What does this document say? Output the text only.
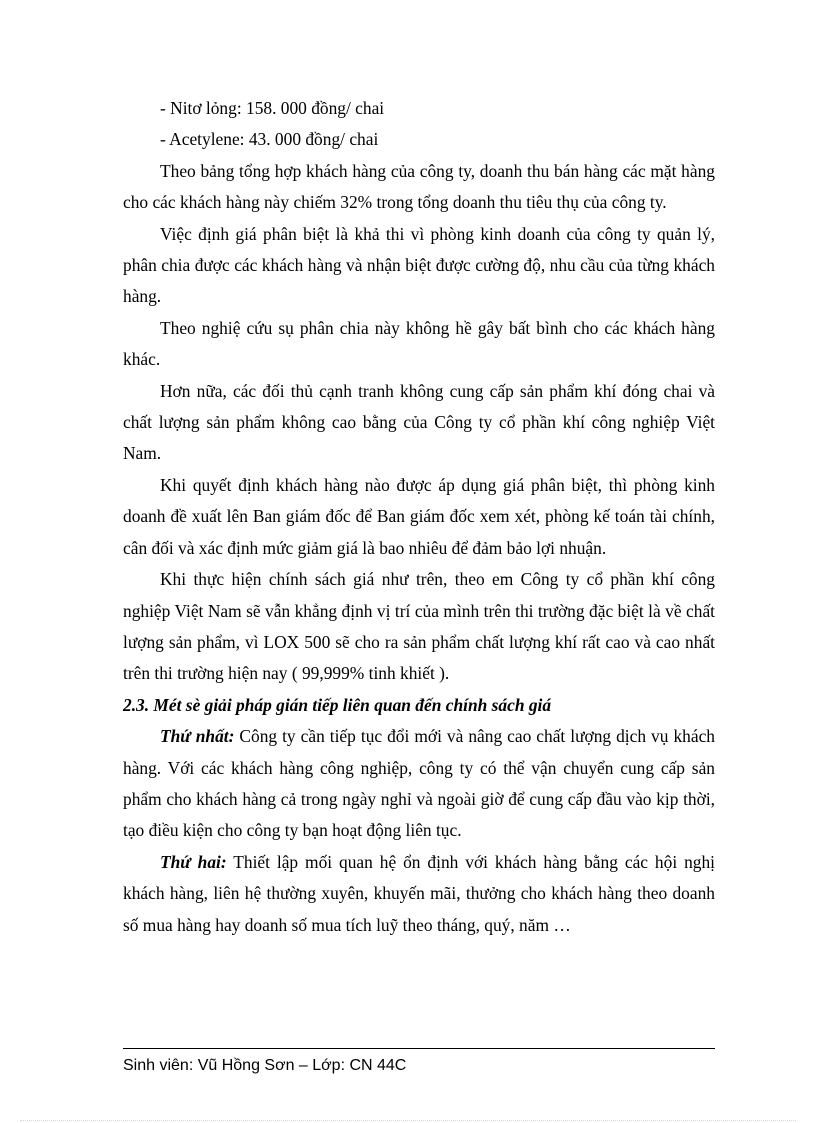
- Nitơ lỏng: 158. 000 đồng/ chai

- Acetylene: 43. 000 đồng/ chai

Theo bảng tổng hợp khách hàng của công ty, doanh thu bán hàng các mặt hàng cho các khách hàng này chiếm 32% trong tổng doanh thu tiêu thụ của công ty.

Việc định giá phân biệt là khả thi vì phòng kinh doanh của công ty quản lý, phân chia được các khách hàng và nhận biệt được cường độ, nhu cầu của từng khách hàng.

Theo nghiệ cứu sụ phân chia này không hề gây bất bình cho các khách hàng khác.

Hơn nữa, các đối thủ cạnh tranh không cung cấp sản phẩm khí đóng chai và chất lượng sản phẩm không cao bằng của Công ty cổ phần khí công nghiệp Việt Nam.

Khi quyết định khách hàng nào được áp dụng giá phân biệt, thì phòng kinh doanh đề xuất lên Ban giám đốc để Ban giám đốc xem xét, phòng kế toán tài chính, cân đối và xác định mức giảm giá là bao nhiêu để đảm bảo lợi nhuận.

Khi thực hiện chính sách giá như trên, theo em Công ty cổ phần khí công nghiệp Việt Nam sẽ vẫn khẳng định vị trí của mình trên thi trường đặc biệt là về chất lượng sản phẩm, vì LOX 500 sẽ cho ra sản phẩm chất lượng khí rất cao và cao nhất trên thi trường hiện nay ( 99,999% tinh khiết ).

2.3. Mét sè giải pháp gián tiếp liên quan đến chính sách giá

Thứ nhất: Công ty cần tiếp tục đổi mới và nâng cao chất lượng dịch vụ khách hàng. Với các khách hàng công nghiệp, công ty có thể vận chuyển cung cấp sản phẩm cho khách hàng cả trong ngày nghỉ và ngoài giờ để cung cấp đầu vào kịp thời, tạo điều kiện cho công ty bạn hoạt động liên tục.

Thứ hai: Thiết lập mối quan hệ ổn định với khách hàng bằng các hội nghị khách hàng, liên hệ thường xuyên, khuyến mãi, thưởng cho khách hàng theo doanh số mua hàng hay doanh số mua tích luỹ theo tháng, quý, năm …

Sinh viên: Vũ Hồng Sơn – Lớp: CN 44C
